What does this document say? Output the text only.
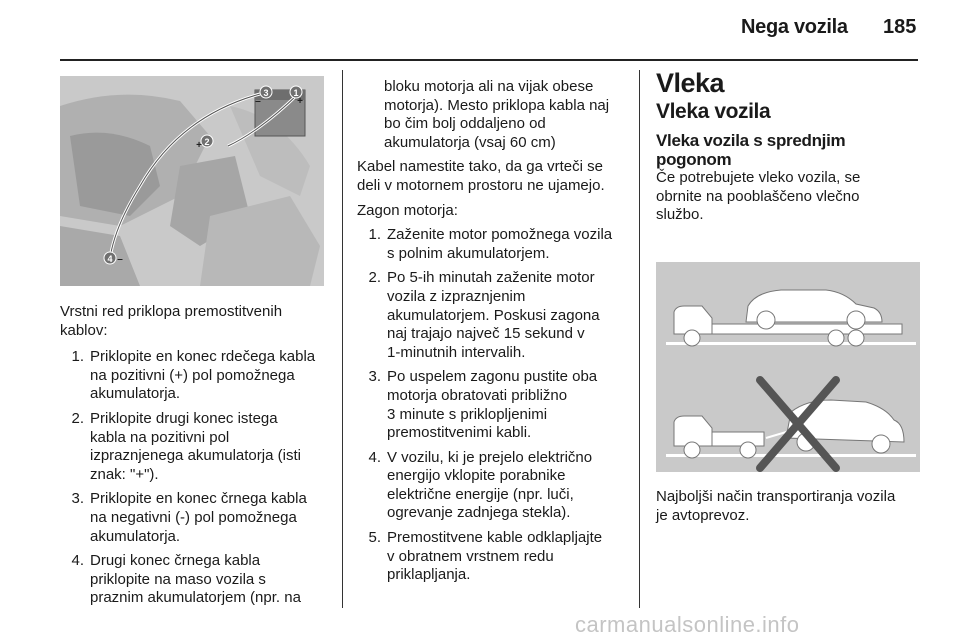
Nega vozila 185
3	1
2
4
–	+
+
–

Vrstni red priklopa premostitvenih kablov:

1. Priklopite en konec rdečega kabla
na pozitivni (+) pol pomožnega
akumulatorja.
2. Priklopite drugi konec istega
kabla na pozitivni pol
izpraznjenega akumulatorja (isti
znak: "+").
3. Priklopite en konec črnega kabla
na negativni (-) pol pomožnega
akumulatorja.
4. Drugi konec črnega kabla
priklopite na maso vozila s
praznim akumulatorjem (npr. na
bloku motorja ali na vijak obese
motorja). Mesto priklopa kabla naj
bo čim bolj oddaljeno od
akumulatorja (vsaj 60 cm)

Kabel namestite tako, da ga vrteči se
deli v motornem prostoru ne ujamejo.

Zagon motorja:

1. Zaženite motor pomožnega vozila
s polnim akumulatorjem.
2. Po 5-ih minutah zaženite motor
vozila z izpraznjenim
akumulatorjem. Poskusi zagona
naj trajajo največ 15 sekund v
1-minutnih intervalih.
3. Po uspelem zagonu pustite oba
motorja obratovati približno
3 minute s priklopljenimi
premostitvenimi kabli.
4. V vozilu, ki je prejelo električno
energijo vklopite porabnike
električne energije (npr. luči,
ogrevanje zadnjega stekla).
5. Premostitvene kable odklapljajte
v obratnem vrstnem redu
priklapljanja.

Vleka

Vleka vozila

Vleka vozila s sprednjim
pogonom

Če potrebujete vleko vozila, se
obrnite na pooblaščeno vlečno
službo.

Najboljši način transportiranja vozila
je avtoprevoz.

carmanualsonline.info
